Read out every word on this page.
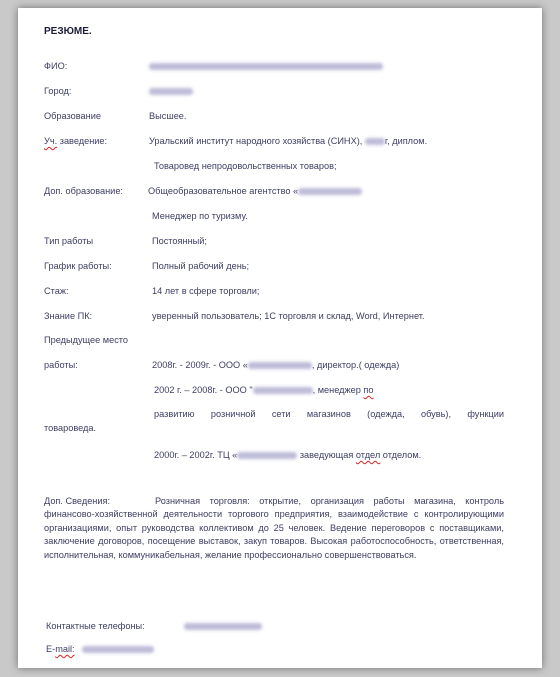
РЕЗЮМЕ.
ФИО:
Город:
Образование	Высшее.
Уч. заведение:	Уральский институт народного хозяйства (СИНХ), г, диплом.
Товаровед непродовольственных товаров;
Доп. образование:	Общеобразовательное агентство «
Менеджер по туризму.
Тип работы	Постоянный;
График работы:	Полный рабочий день;
Стаж:	14 лет в сфере торговли;
Знание ПК:	уверенный пользователь; 1С торговля и склад, Word, Интернет.
Предыдущее место
работы:	2008г. - 2009г. - ООО «	, директор.( одежда)
2002 г. – 2008г. - ООО "	, менеджер по
развитию розничной сети магазинов (одежда, обувь), функции
товароведа.
2000г. – 2002г. ТЦ «	заведующая отдел отделом.
Доп. Сведения:	Розничная торговля: открытие, организация работы магазина, контроль
финансово-хозяйственной деятельности торгового предприятия, взаимодействие с контролирующими организациями, опыт руководства коллективом до 25 человек. Ведение переговоров с поставщиками, заключение договоров, посещение выставок, закуп товаров. Высокая работоспособность, ответственная, исполнительная, коммуникабельная, желание профессионально совершенствоваться.
Контактные телефоны:
E-mail:
